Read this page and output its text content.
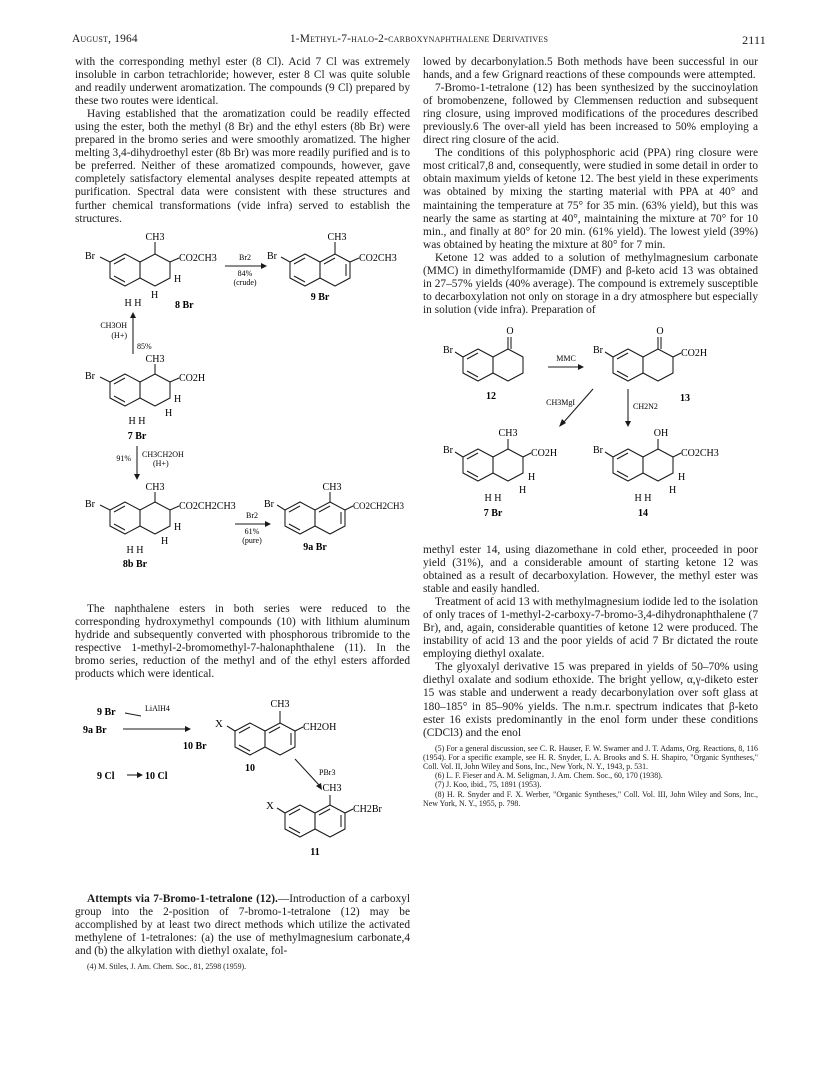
August, 1964	1-Methyl-7-halo-2-carboxynaphthalene Derivatives	2111

with the corresponding methyl ester (8 Cl). Acid 7 Cl was extremely insoluble in carbon tetrachloride; however, ester 8 Cl was quite soluble and readily underwent aromatization. The compounds (9 Cl) prepared by these two routes were identical.

Having established that the aromatization could be readily effected using the ester, both the methyl (8 Br) and the ethyl esters (8b Br) were prepared in the bromo series and were smoothly aromatized. The higher melting 3,4-dihydroethyl ester (8b Br) was more readily purified and is to be preferred. Neither of these aromatized compounds, however, gave completely satisfactory elemental analyses despite repeated attempts at purification. Spectral data were consistent with these structures and further chemical transformations (vide infra) served to establish the structures.

CH3
Br	CO2CH3
H
H
H H	8 Br
Br2
84%
(crude)
CH3
Br	CO2CH3
9 Br
CH3OH
(H+)
85%
CH3
Br	CO2H
H
H
H H
7 Br
91% CH3CH2OH
(H+)
CH3
Br	CO2CH2CH3
H
H
H H
8b Br
Br2
61%
(pure)
CH3
Br	CO2CH2CH3
9a Br

The naphthalene esters in both series were reduced to the corresponding hydroxymethyl compounds (10) with lithium aluminum hydride and subsequently converted with phosphorous tribromide to the respective 1-methyl-2-bromomethyl-7-halonaphthalene (11). In the bromo series, reduction of the methyl and of the ethyl esters afforded products which were identical.

9 Br	LiAlH4
9a Br
10 Br
9 Cl	10 Cl
CH3
X	CH2OH
10	PBr3
CH3
X	CH2Br
11

Attempts via 7-Bromo-1-tetralone (12).—Introduction of a carboxyl group into the 2-position of 7-bromo-1-tetralone (12) may be accomplished by at least two direct methods which utilize the activated methylene of 1-tetralones: (a) the use of methylmagnesium carbonate,4 and (b) the alkylation with diethyl oxalate, fol-

(4) M. Stiles, J. Am. Chem. Soc., 81, 2598 (1959).

lowed by decarbonylation.5 Both methods have been successful in our hands, and a few Grignard reactions of these compounds were attempted.

7-Bromo-1-tetralone (12) has been synthesized by the succinoylation of bromobenzene, followed by Clemmensen reduction and subsequent ring closure, using improved modifications of the procedures described previously.6 The over-all yield has been increased to 50% employing a direct ring closure of the acid.

The conditions of this polyphosphoric acid (PPA) ring closure were most critical7,8 and, consequently, were studied in some detail in order to obtain maximum yields of ketone 12. The best yield in these experiments was obtained by mixing the starting material with PPA at 40° and maintaining the temperature at 75° for 35 min. (63% yield), but this was nearly the same as starting at 40°, maintaining the mixture at 70° for 10 min., and finally at 80° for 20 min. (61% yield). The lowest yield (39%) was obtained by heating the mixture at 80° for 7 min.

Ketone 12 was added to a solution of methylmagnesium carbonate (MMC) in dimethylformamide (DMF) and β-keto acid 13 was obtained in 27–57% yields (40% average). The compound is extremely susceptible to decarboxylation not only on storage in a dry atmosphere but especially in solution (vide infra). Preparation of

O
Br
12
MMC
O
Br	CO2H
13
CH3MgI	CH2N2
CH3
Br	CO2H
H
H
H H
7 Br
OH
Br	CO2CH3
H
H
H H
14

methyl ester 14, using diazomethane in cold ether, proceeded in poor yield (31%), and a considerable amount of starting ketone 12 was obtained as a result of decarboxylation. However, the methyl ester was stable and easily handled.

Treatment of acid 13 with methylmagnesium iodide led to the isolation of only traces of 1-methyl-2-carboxy-7-bromo-3,4-dihydronaphthalene (7 Br), and, again, considerable quantities of ketone 12 were produced. The instability of acid 13 and the poor yields of acid 7 Br dictated the route employing diethyl oxalate.

The glyoxalyl derivative 15 was prepared in yields of 50–70% using diethyl oxalate and sodium ethoxide. The bright yellow, α,γ-diketo ester 15 was stable and underwent a ready decarbonylation over soft glass at 180–185° in 85–90% yields. The n.m.r. spectrum indicates that β-keto ester 16 exists predominantly in the enol form under these conditions (CDCl3) and the enol

(5) For a general discussion, see C. R. Hauser, F. W. Swamer and J. T. Adams, Org. Reactions, 8, 116 (1954). For a specific example, see H. R. Snyder, L. A. Brooks and S. H. Shapiro, "Organic Syntheses," Coll. Vol. II, John Wiley and Sons, Inc., New York, N. Y., 1943, p. 531.

(6) L. F. Fieser and A. M. Seligman, J. Am. Chem. Soc., 60, 170 (1938).

(7) J. Koo, ibid., 75, 1891 (1953).

(8) H. R. Snyder and F. X. Werber, "Organic Syntheses," Coll. Vol. III, John Wiley and Sons, Inc., New York, N. Y., 1955, p. 798.
